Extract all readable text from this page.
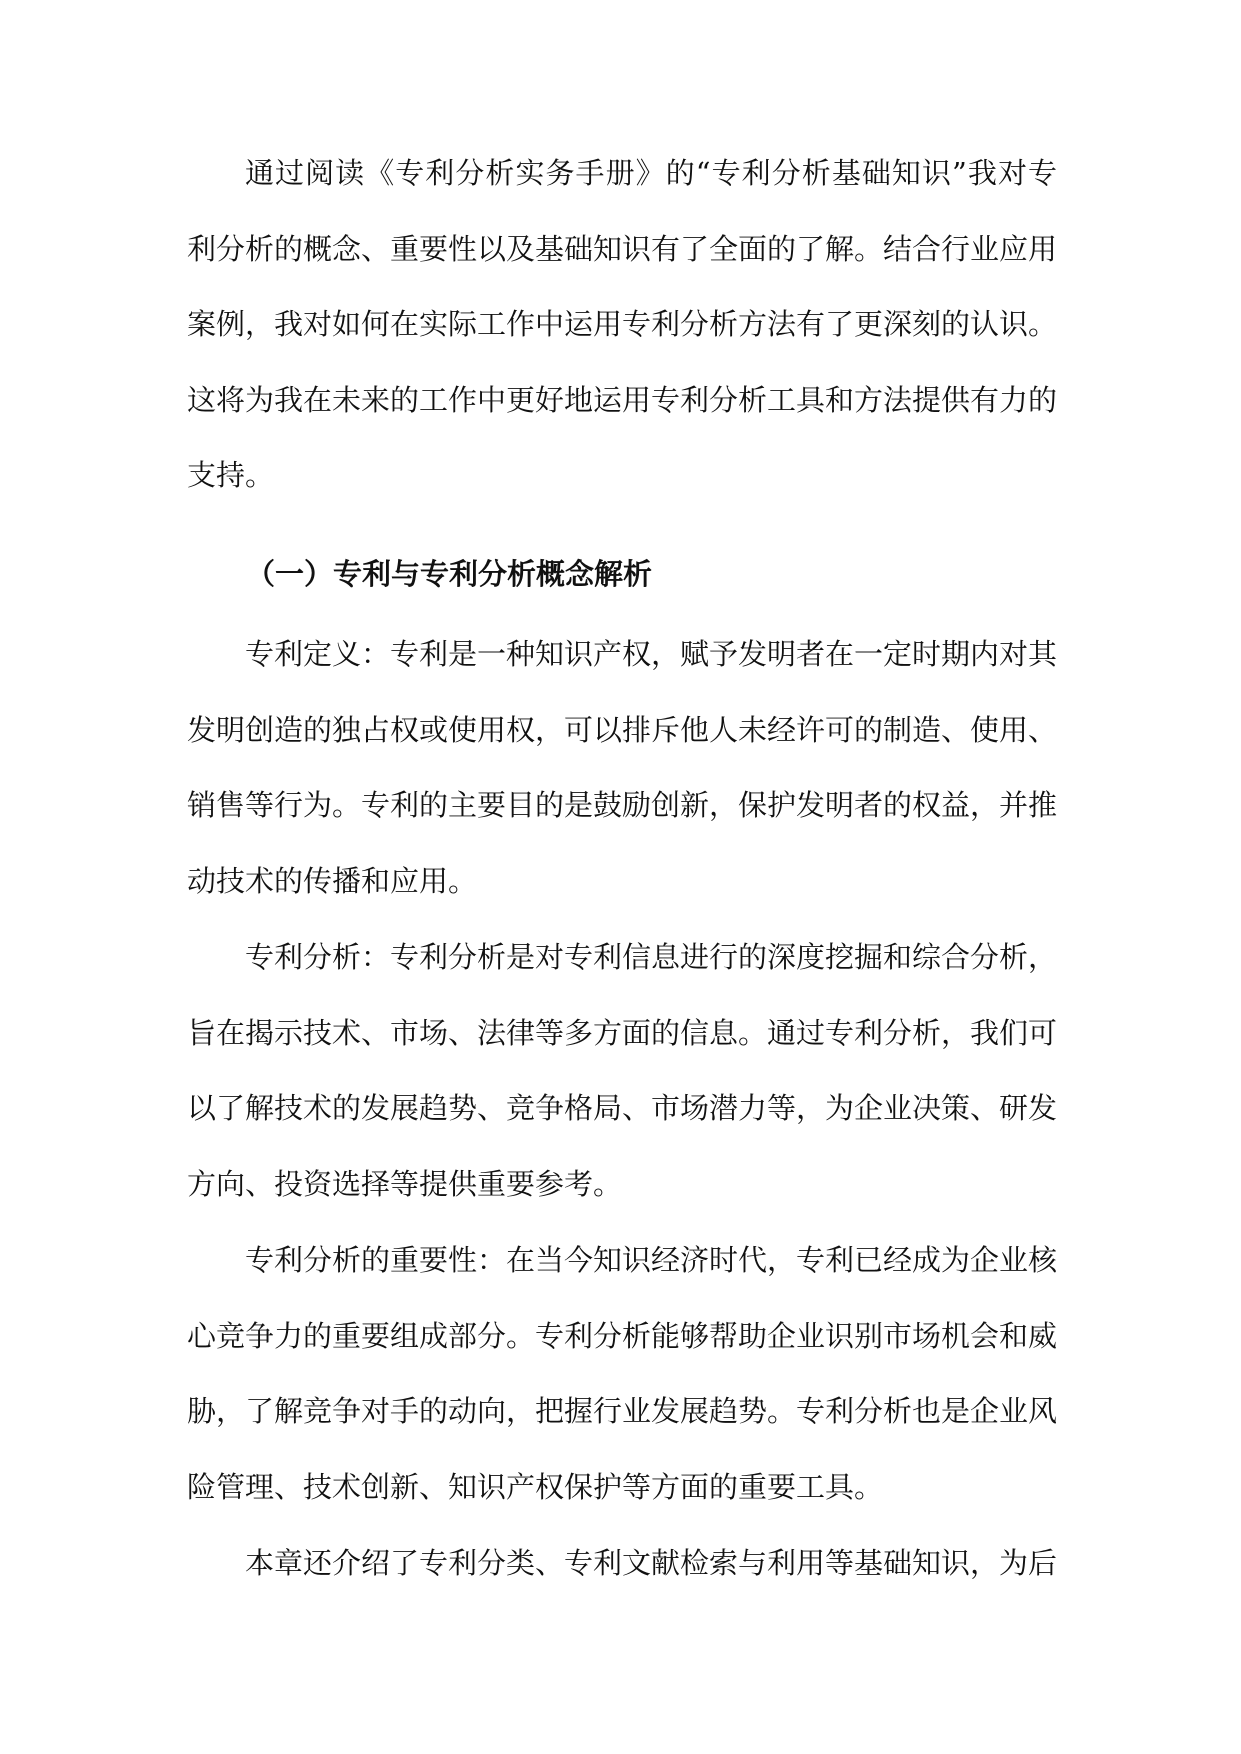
通过阅读《专利分析实务手册》的“专利分析基础知识”我对专利分析的概念、重要性以及基础知识有了全面的了解。结合行业应用案例，我对如何在实际工作中运用专利分析方法有了更深刻的认识。这将为我在未来的工作中更好地运用专利分析工具和方法提供有力的支持。

（一）专利与专利分析概念解析

专利定义：专利是一种知识产权，赋予发明者在一定时期内对其发明创造的独占权或使用权，可以排斥他人未经许可的制造、使用、销售等行为。专利的主要目的是鼓励创新，保护发明者的权益，并推动技术的传播和应用。

专利分析：专利分析是对专利信息进行的深度挖掘和综合分析，旨在揭示技术、市场、法律等多方面的信息。通过专利分析，我们可以了解技术的发展趋势、竞争格局、市场潜力等，为企业决策、研发方向、投资选择等提供重要参考。

专利分析的重要性：在当今知识经济时代，专利已经成为企业核心竞争力的重要组成部分。专利分析能够帮助企业识别市场机会和威胁，了解竞争对手的动向，把握行业发展趋势。专利分析也是企业风险管理、技术创新、知识产权保护等方面的重要工具。

本章还介绍了专利分类、专利文献检索与利用等基础知识，为后
